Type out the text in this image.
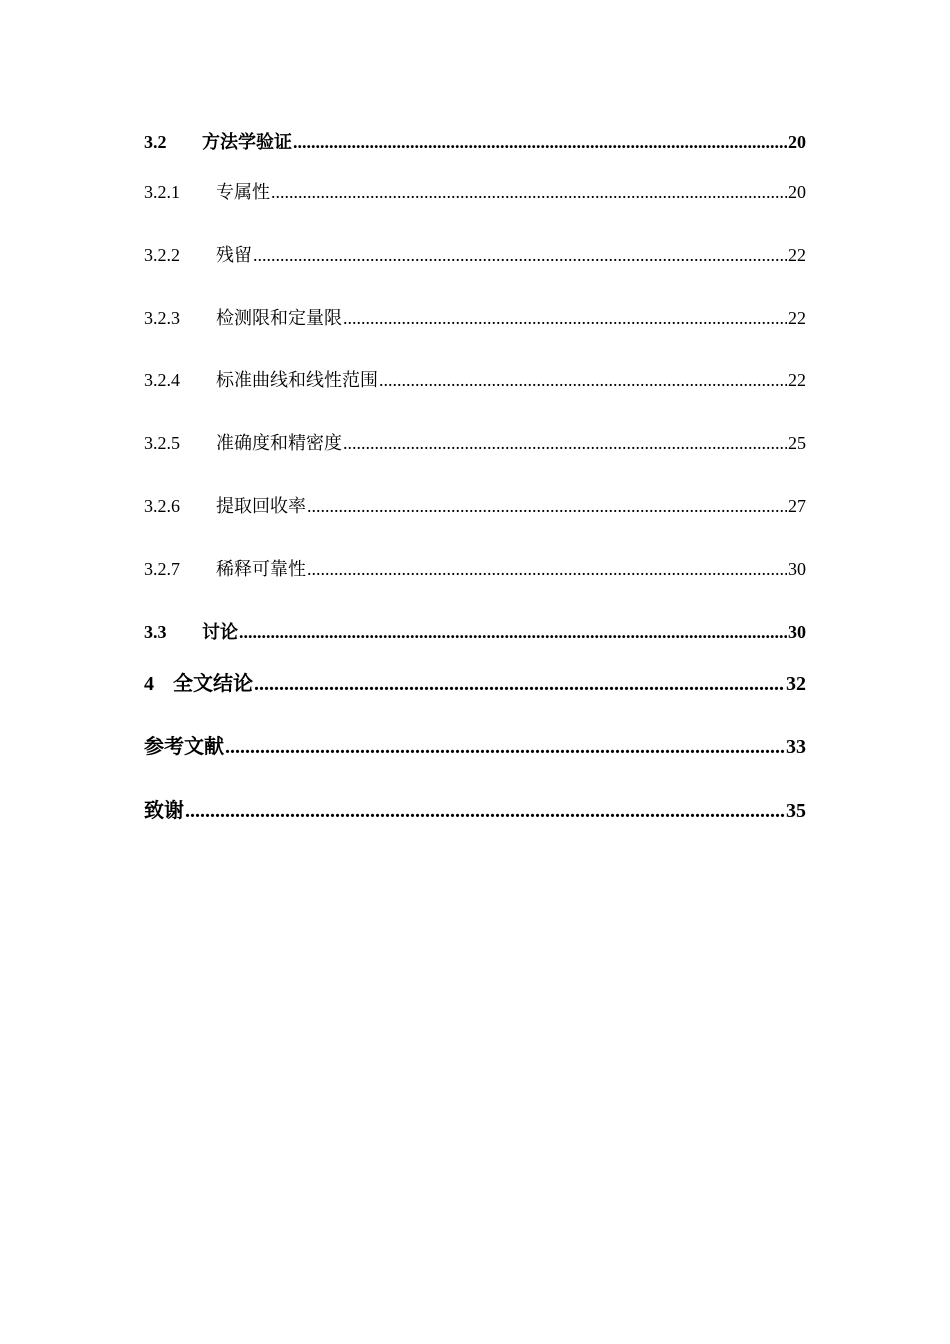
3.2	方法学验证 .....	20
3.2.1	专属性 .....	20
3.2.2	残留 .....	22
3.2.3	检测限和定量限 .....	22
3.2.4	标准曲线和线性范围 .....	22
3.2.5	准确度和精密度 .....	25
3.2.6	提取回收率 .....	27
3.2.7	稀释可靠性 .....	30
3.3	讨论 .....	30
4 全文结论 .....	32
参考文献 .....	33
致谢 .....	35
